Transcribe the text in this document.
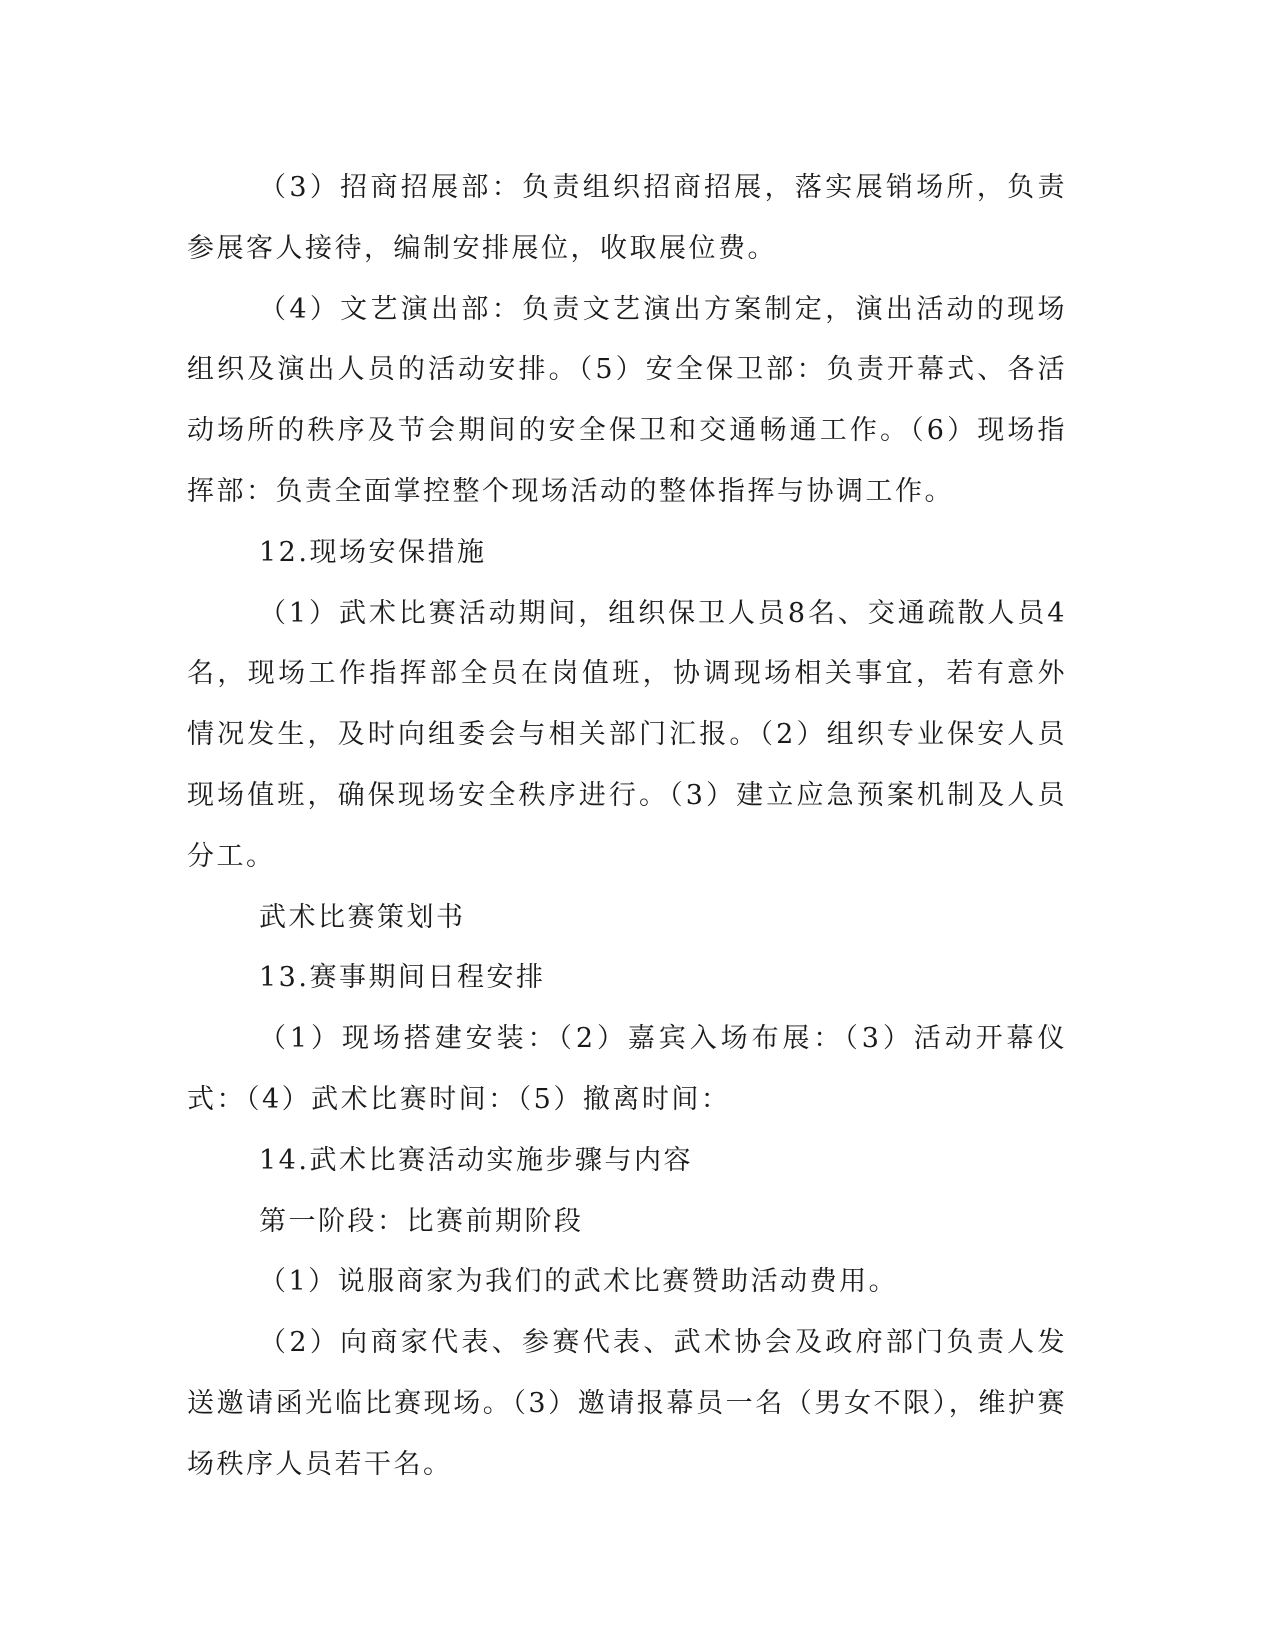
（3）招商招展部：负责组织招商招展，落实展销场所，负责参展客人接待，编制安排展位，收取展位费。

（4）文艺演出部：负责文艺演出方案制定，演出活动的现场组织及演出人员的活动安排。（5）安全保卫部：负责开幕式、各活动场所的秩序及节会期间的安全保卫和交通畅通工作。（6）现场指挥部：负责全面掌控整个现场活动的整体指挥与协调工作。

12.现场安保措施

（1）武术比赛活动期间，组织保卫人员8名、交通疏散人员4名，现场工作指挥部全员在岗值班，协调现场相关事宜，若有意外情况发生，及时向组委会与相关部门汇报。（2）组织专业保安人员现场值班，确保现场安全秩序进行。（3）建立应急预案机制及人员分工。

武术比赛策划书

13.赛事期间日程安排

（1）现场搭建安装：（2）嘉宾入场布展：（3）活动开幕仪式：（4）武术比赛时间：（5）撤离时间：

14.武术比赛活动实施步骤与内容

第一阶段：比赛前期阶段

（1）说服商家为我们的武术比赛赞助活动费用。

（2）向商家代表、参赛代表、武术协会及政府部门负责人发送邀请函光临比赛现场。（3）邀请报幕员一名（男女不限），维护赛场秩序人员若干名。
